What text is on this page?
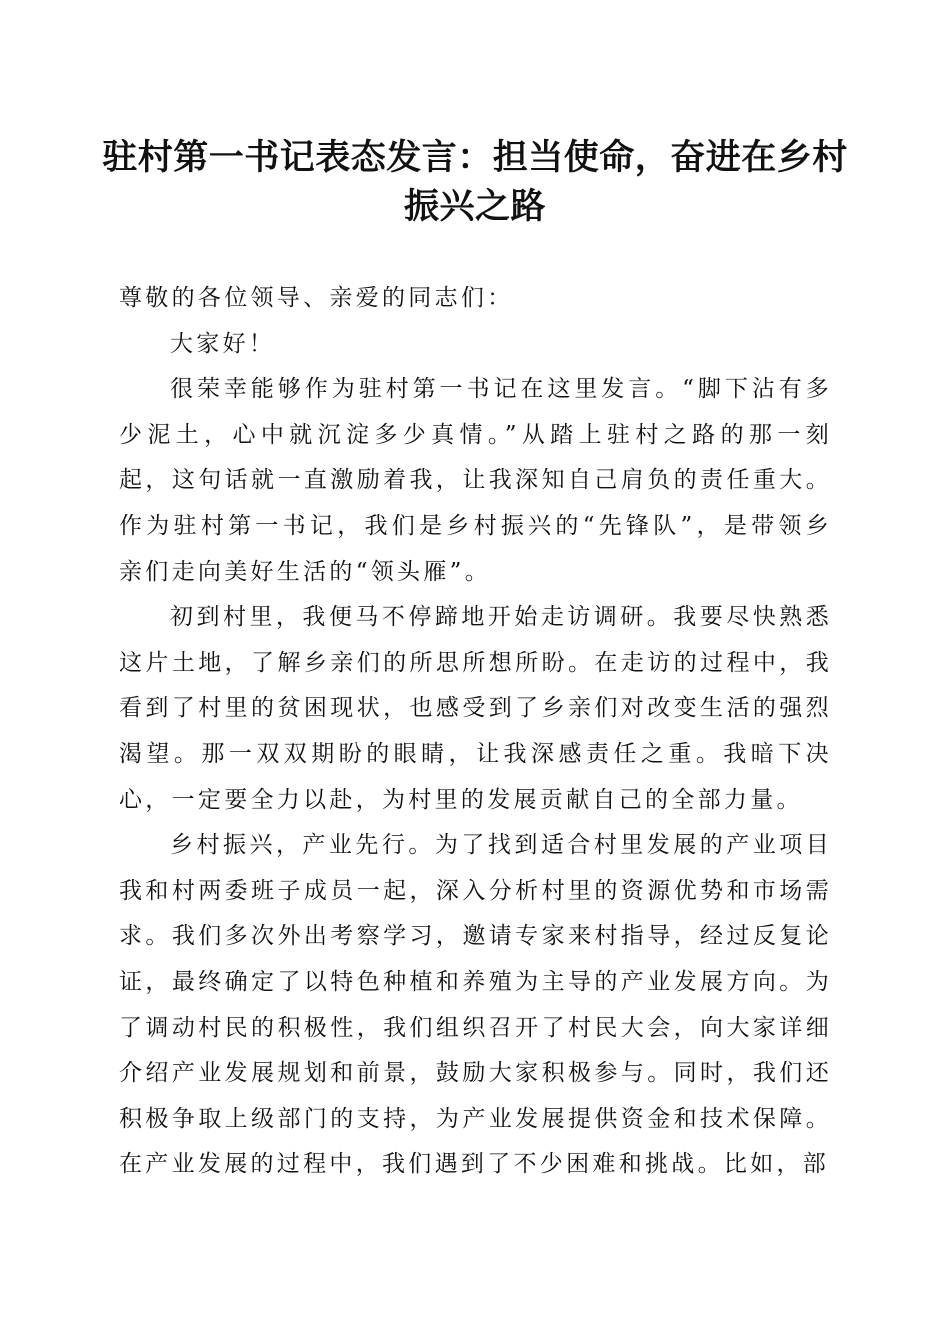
驻村第一书记表态发言：担当使命，奋进在乡村振兴之路

尊敬的各位领导、亲爱的同志们：

大家好！

很荣幸能够作为驻村第一书记在这里发言。“脚下沾有多少泥土，心中就沉淀多少真情。”从踏上驻村之路的那一刻起，这句话就一直激励着我，让我深知自己肩负的责任重大。作为驻村第一书记，我们是乡村振兴的“先锋队”，是带领乡亲们走向美好生活的“领头雁”。

初到村里，我便马不停蹄地开始走访调研。我要尽快熟悉这片土地，了解乡亲们的所思所想所盼。在走访的过程中，我看到了村里的贫困现状，也感受到了乡亲们对改变生活的强烈渴望。那一双双期盼的眼睛，让我深感责任之重。我暗下决心，一定要全力以赴，为村里的发展贡献自己的全部力量。

乡村振兴，产业先行。为了找到适合村里发展的产业项目我和村两委班子成员一起，深入分析村里的资源优势和市场需求。我们多次外出考察学习，邀请专家来村指导，经过反复论证，最终确定了以特色种植和养殖为主导的产业发展方向。为了调动村民的积极性，我们组织召开了村民大会，向大家详细介绍产业发展规划和前景，鼓励大家积极参与。同时，我们还积极争取上级部门的支持，为产业发展提供资金和技术保障。在产业发展的过程中，我们遇到了不少困难和挑战。比如，部
